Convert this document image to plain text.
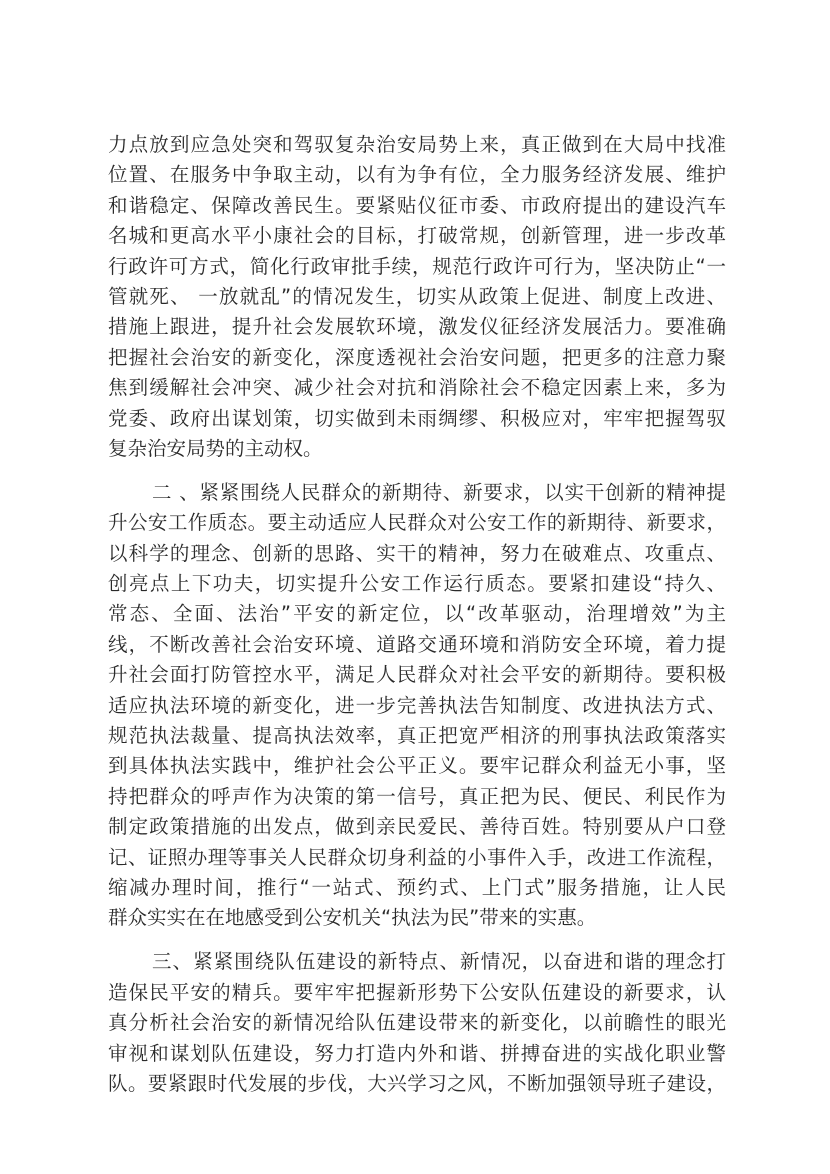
力点放到应急处突和驾驭复杂治安局势上来，真正做到在大局中找准
位置、在服务中争取主动，以有为争有位，全力服务经济发展、维护
和谐稳定、保障改善民生。要紧贴仪征市委、市政府提出的建设汽车
名城和更高水平小康社会的目标，打破常规，创新管理，进一步改革
行政许可方式，简化行政审批手续，规范行政许可行为，坚决防止“一
管就死、 一放就乱”的情况发生，切实从政策上促进、制度上改进、
措施上跟进，提升社会发展软环境，激发仪征经济发展活力。要准确
把握社会治安的新变化，深度透视社会治安问题，把更多的注意力聚
焦到缓解社会冲突、减少社会对抗和消除社会不稳定因素上来，多为
党委、政府出谋划策，切实做到未雨绸缪、积极应对，牢牢把握驾驭
复杂治安局势的主动权。
二 、紧紧围绕人民群众的新期待、新要求，以实干创新的精神提
升公安工作质态。要主动适应人民群众对公安工作的新期待、新要求，
以科学的理念、创新的思路、实干的精神，努力在破难点、攻重点、
创亮点上下功夫，切实提升公安工作运行质态。要紧扣建设“持久、
常态、全面、法治”平安的新定位，以“改革驱动，治理增效”为主
线，不断改善社会治安环境、道路交通环境和消防安全环境，着力提
升社会面打防管控水平，满足人民群众对社会平安的新期待。要积极
适应执法环境的新变化，进一步完善执法告知制度、改进执法方式、
规范执法裁量、提高执法效率，真正把宽严相济的刑事执法政策落实
到具体执法实践中，维护社会公平正义。要牢记群众利益无小事，坚
持把群众的呼声作为决策的第一信号，真正把为民、便民、利民作为
制定政策措施的出发点，做到亲民爱民、善待百姓。特别要从户口登
记、证照办理等事关人民群众切身利益的小事件入手，改进工作流程，
缩减办理时间，推行“一站式、预约式、上门式”服务措施，让人民
群众实实在在地感受到公安机关“执法为民”带来的实惠。
三、紧紧围绕队伍建设的新特点、新情况，以奋进和谐的理念打
造保民平安的精兵。要牢牢把握新形势下公安队伍建设的新要求，认
真分析社会治安的新情况给队伍建设带来的新变化，以前瞻性的眼光
审视和谋划队伍建设，努力打造内外和谐、拼搏奋进的实战化职业警
队。要紧跟时代发展的步伐，大兴学习之风，不断加强领导班子建设，
